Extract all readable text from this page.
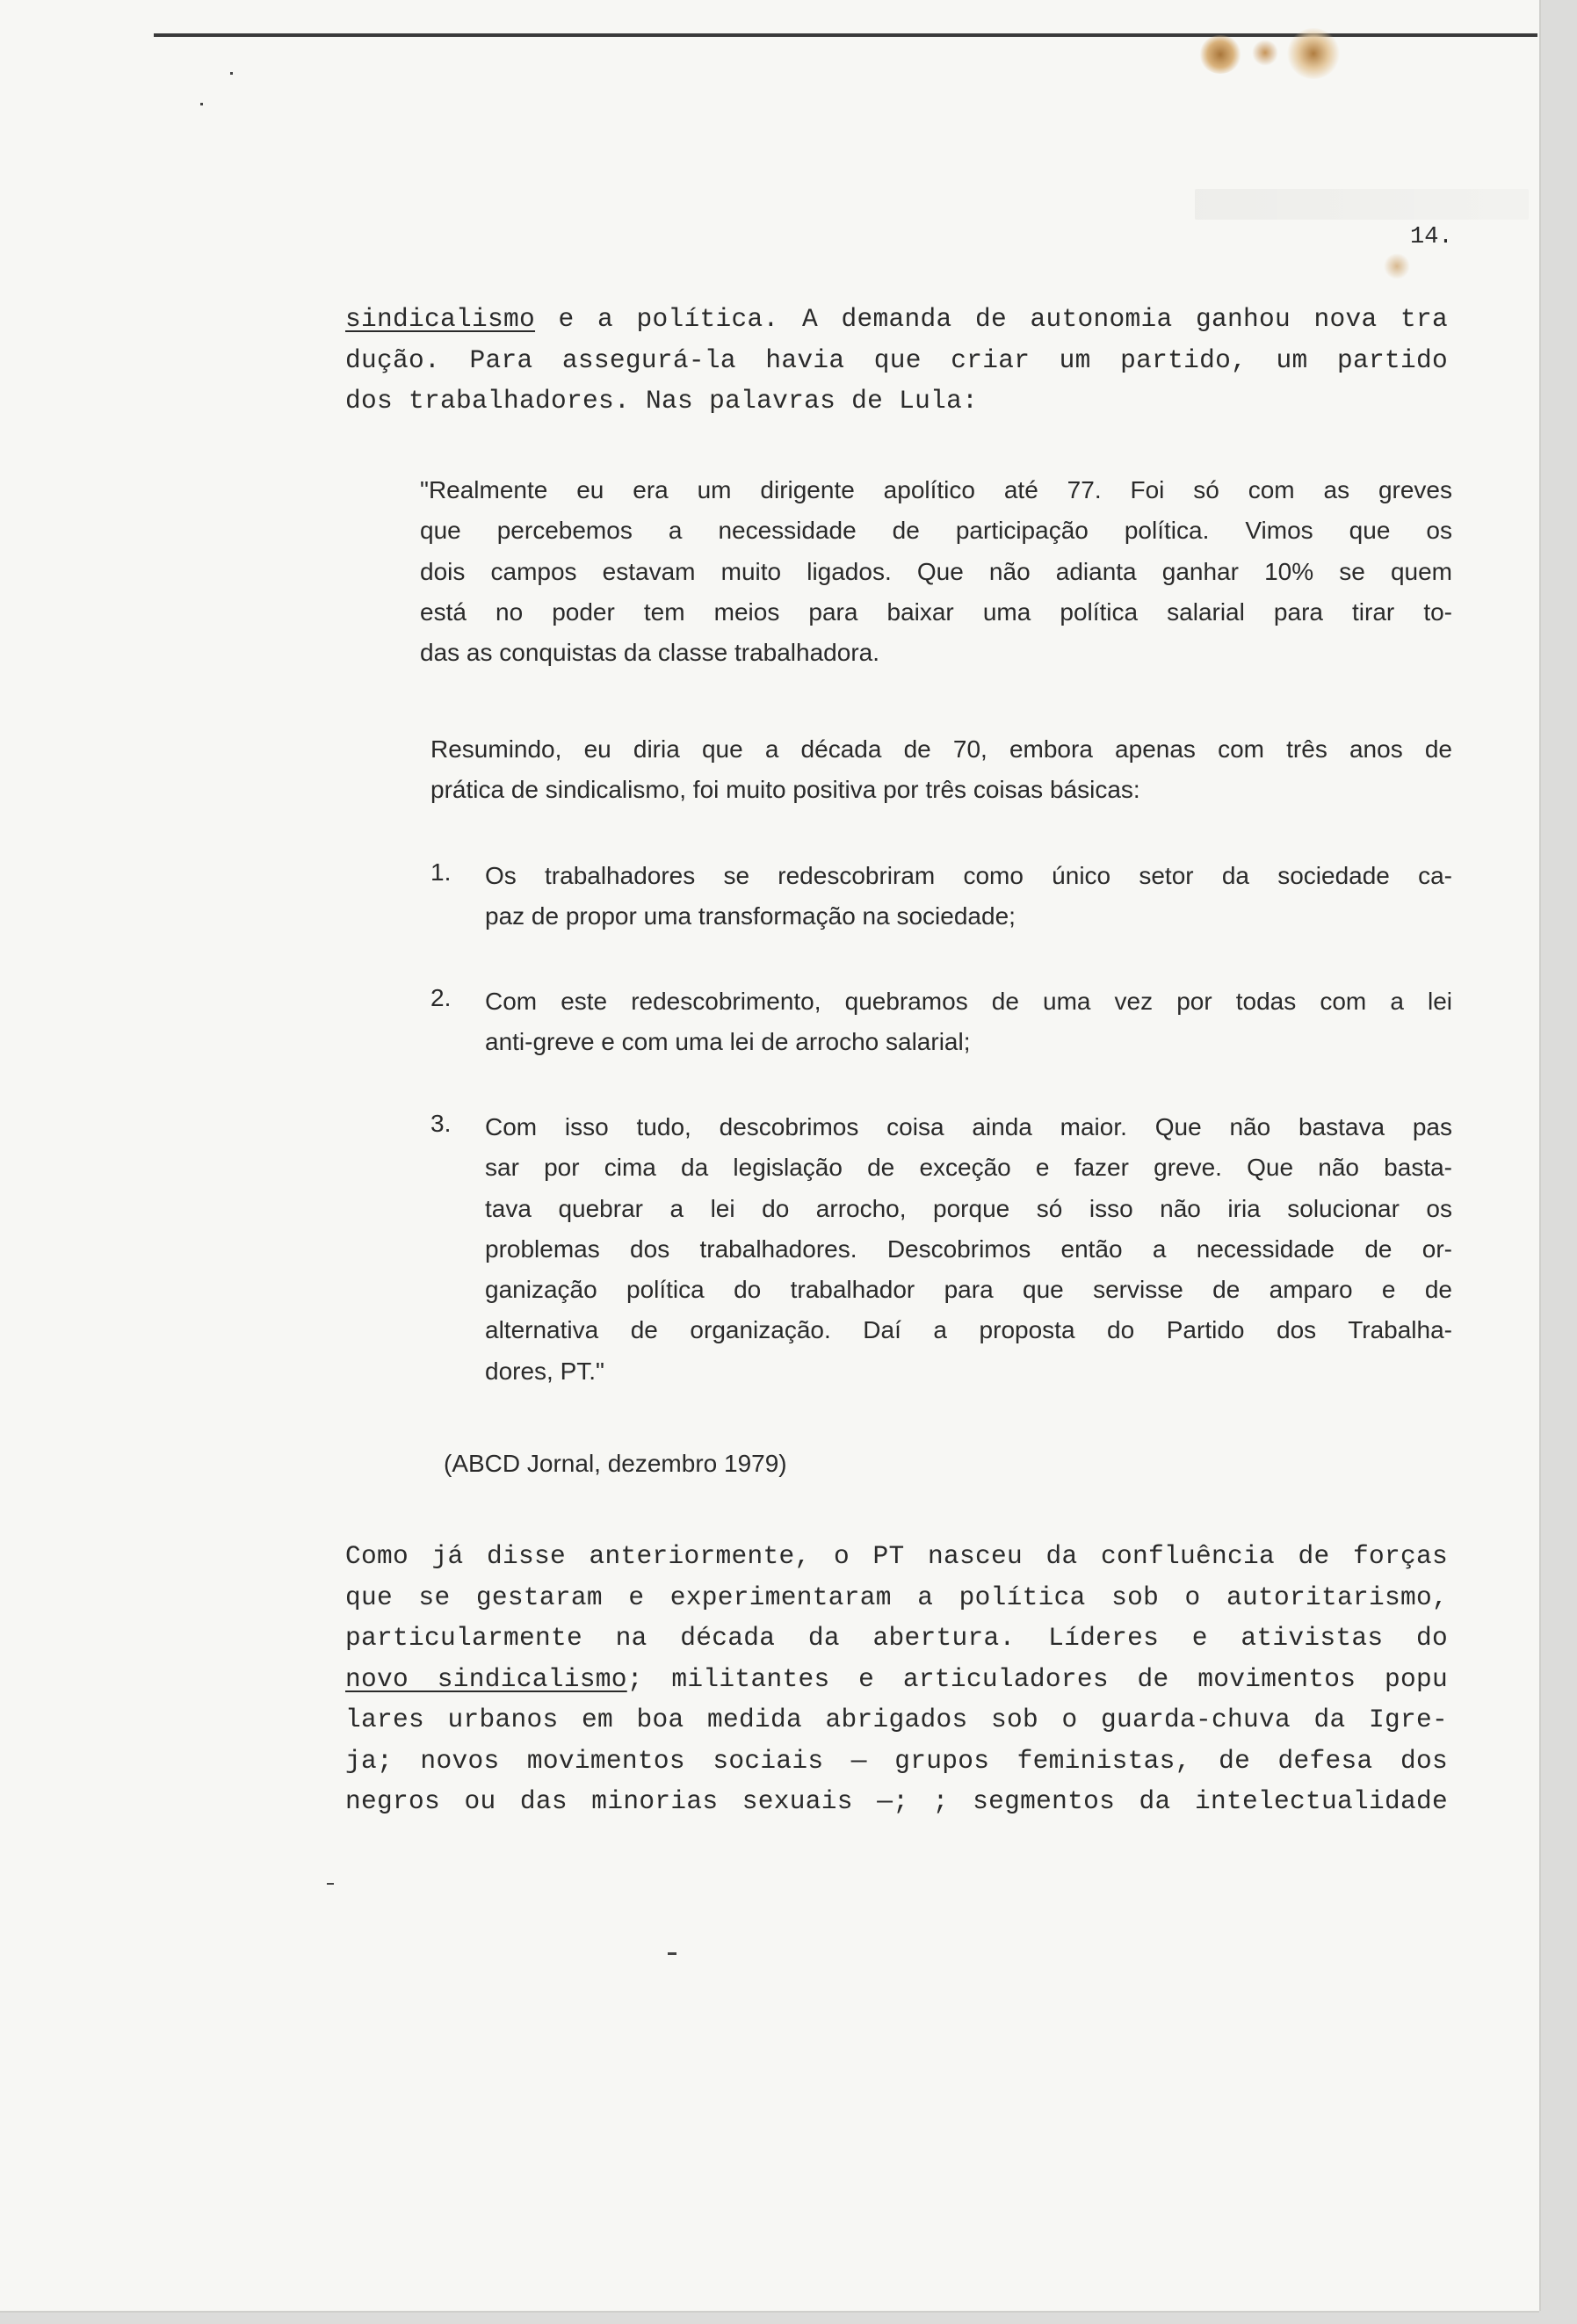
14.
sindicalismo e a política. A demanda de autonomia ganhou nova tra
dução. Para assegurá-la havia que criar um partido, um partido
dos trabalhadores. Nas palavras de Lula:
"Realmente eu era um dirigente apolítico até 77. Foi só com as greves
que percebemos a necessidade de participação política. Vimos que os
dois campos estavam muito ligados. Que não adianta ganhar 10% se quem
está no poder tem meios para baixar uma política salarial para tirar to-
das as conquistas da classe trabalhadora.
Resumindo, eu diria que a década de 70, embora apenas com três anos de
prática de sindicalismo, foi muito positiva por três coisas básicas:
1. Os trabalhadores se redescobriram como único setor da sociedade ca-
paz de propor uma transformação na sociedade;
2. Com este redescobrimento, quebramos de uma vez por todas com a lei
anti-greve e com uma lei de arrocho salarial;
3. Com isso tudo, descobrimos coisa ainda maior. Que não bastava pas
sar por cima da legislação de exceção e fazer greve. Que não basta-
tava quebrar a lei do arrocho, porque só isso não iria solucionar os
problemas dos trabalhadores. Descobrimos então a necessidade de or-
ganização política do trabalhador para que servisse de amparo e de
alternativa de organização. Daí a proposta do Partido dos Trabalha-
dores, PT."
(ABCD Jornal, dezembro 1979)
Como já disse anteriormente, o PT nasceu da confluência de forças
que se gestaram e experimentaram a política sob o autoritarismo,
particularmente na década da abertura. Líderes e ativistas do
novo sindicalismo; militantes e articuladores de movimentos popu
lares urbanos em boa medida abrigados sob o guarda-chuva da Igre-
ja; novos movimentos sociais — grupos feministas, de defesa dos
negros ou das minorias sexuais —; ; segmentos da intelectualidade
